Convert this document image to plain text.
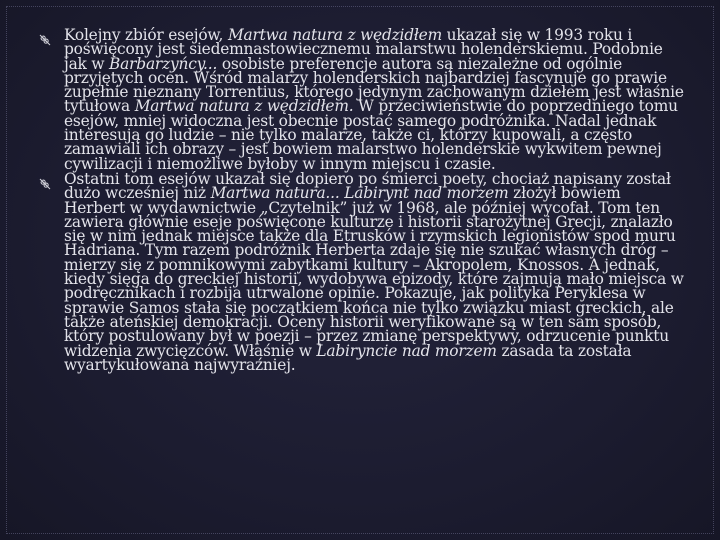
Kolejny zbiór esejów, Martwa natura z wędzidłem ukazał się w 1993 roku i poświęcony jest siedemnastowiecznemu malarstwu holenderskiemu. Podobnie jak w Barbarzyńcy... osobiste preferencje autora są niezależne od ogólnie przyjętych ocen. Wśród malarzy holenderskich najbardziej fascynuje go prawie zupełnie nieznany Torrentius, którego jedynym zachowanym dziełem jest właśnie tytułowa Martwa natura z wędzidłem. W przeciwieństwie do poprzedniego tomu esejów, mniej widoczna jest obecnie postać samego podróżnika. Nadal jednak interesują go ludzie – nie tylko malarze, także ci, którzy kupowali, a często zamawiali ich obrazy – jest bowiem malarstwo holenderskie wykwitem pewnej cywilizacji i niemożliwe byłoby w innym miejscu i czasie.
Ostatni tom esejów ukazał się dopiero po śmierci poety, chociaż napisany został dużo wcześniej niż Martwa natura... Labirynt nad morzem złożył bowiem Herbert w wydawnictwie „Czytelnik” już w 1968, ale później wycofał. Tom ten zawiera głównie eseje poświęcone kulturze i historii starożytnej Grecji, znalazło się w nim jednak miejsce także dla Etrusków i rzymskich legionistów spod muru Hadriana. Tym razem podróżnik Herberta zdaje się nie szukać własnych dróg – mierzy się z pomnikowymi zabytkami kultury – Akropolem, Knossos. A jednak, kiedy sięga do greckiej historii, wydobywa epizody, które zajmują mało miejsca w podręcznikach i rozbija utrwalone opinie. Pokazuje, jak polityka Peryklesa w sprawie Samos stała się początkiem końca nie tylko związku miast greckich, ale także ateńskiej demokracji. Oceny historii weryfikowane są w ten sam sposób, który postulowany był w poezji – przez zmianę perspektywy, odrzucenie punktu widzenia zwycięzców. Właśnie w Labiryncie nad morzem zasada ta została wyartykułowana najwyraźniej.
